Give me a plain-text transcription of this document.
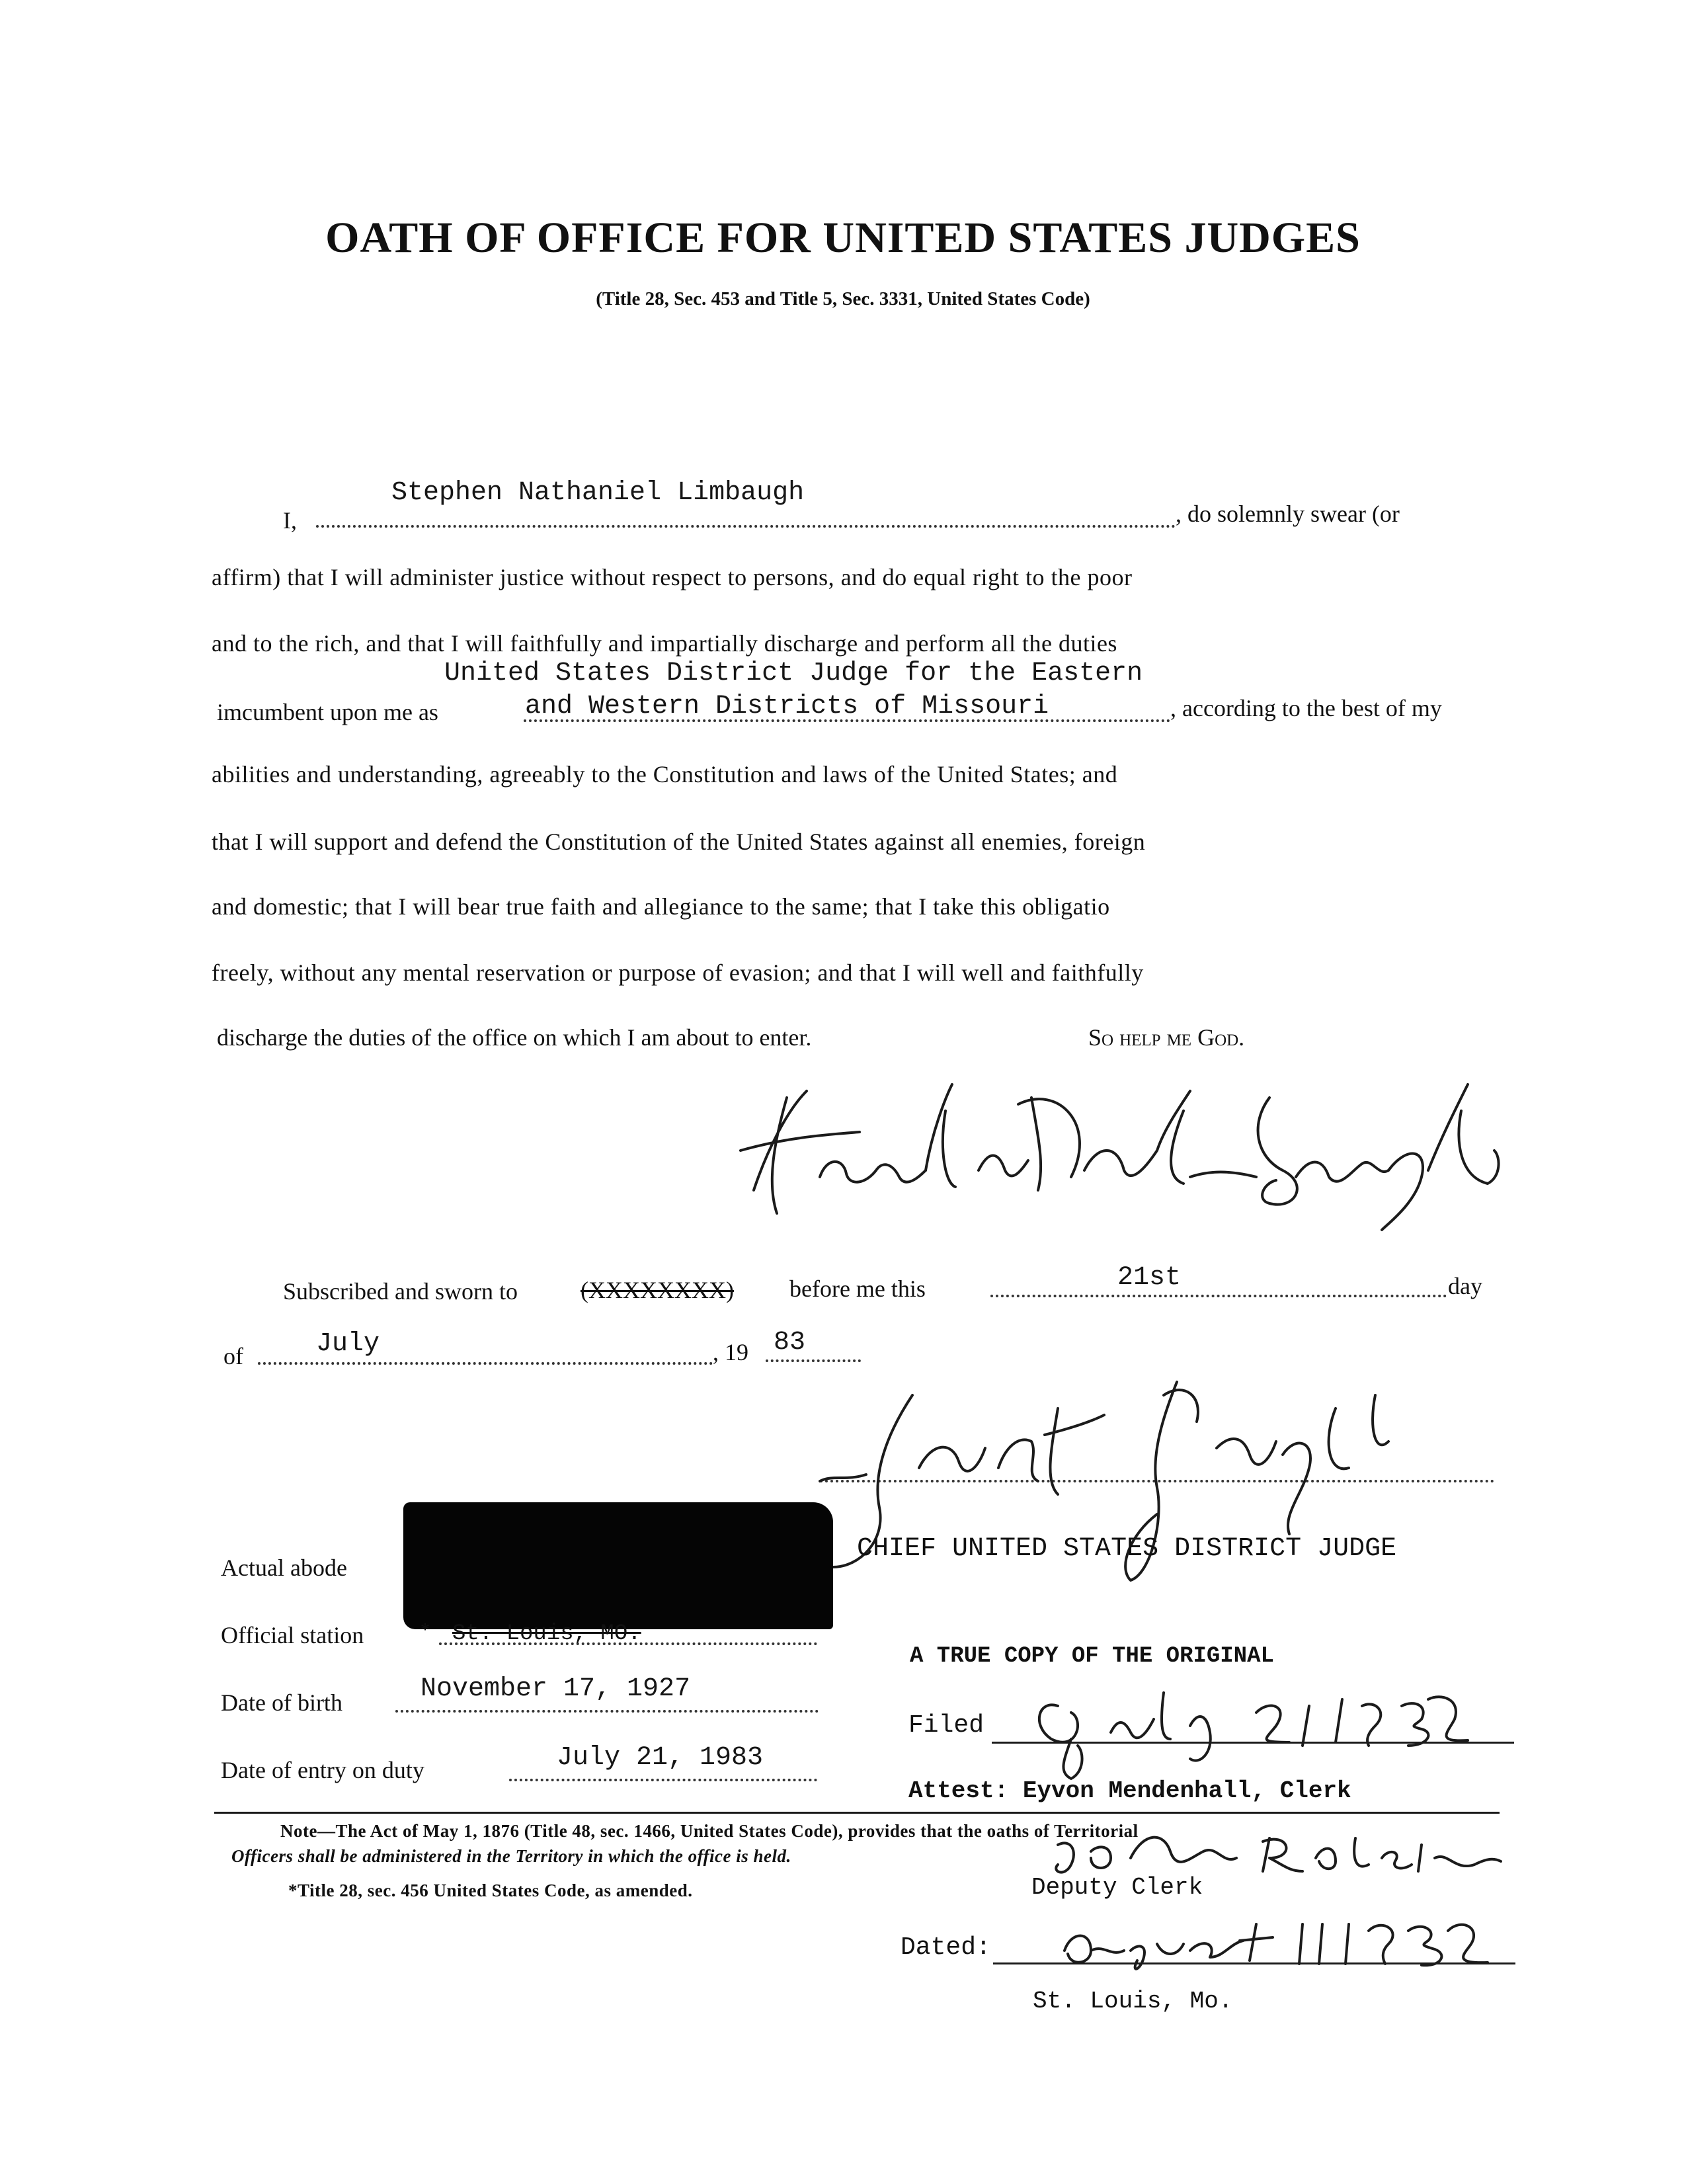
OATH OF OFFICE FOR UNITED STATES JUDGES
(Title 28, Sec. 453 and Title 5, Sec. 3331, United States Code)
I,
Stephen Nathaniel Limbaugh
, do solemnly swear (or
affirm) that I will administer justice without respect to persons, and do equal right to the poor
and to the rich, and that I will faithfully and impartially discharge and perform all the duties
United States District Judge for the Eastern
imcumbent upon me as	and Western Districts of Missouri	, according to the best of my
abilities and understanding, agreeably to the Constitution and laws of the United States; and
that I will support and defend the Constitution of the United States against all enemies, foreign
and domestic; that I will bear true faith and allegiance to the same; that I take this obligatio
freely, without any mental reservation or purpose of evasion; and that I will well and faithfully
discharge the duties of the office on which I am about to enter.	So help me God.
Subscribed and sworn to	(XXXXXXXX) before me this	21st	day
of	July	, 19 83
CHIEF UNITED STATES DISTRICT JUDGE
Actual abode
Official station	* St. Louis, MO.
Date of birth	November 17, 1927
Date of entry on duty	July 21, 1983
A TRUE COPY OF THE ORIGINAL
Filed
Attest: Eyvon Mendenhall, Clerk
Note—The Act of May 1, 1876 (Title 48, sec. 1466, United States Code), provides that the oaths of Territorial
Officers shall be administered in the Territory in which the office is held.
*Title 28, sec. 456 United States Code, as amended.	Deputy Clerk
Dated:
St. Louis, Mo.
